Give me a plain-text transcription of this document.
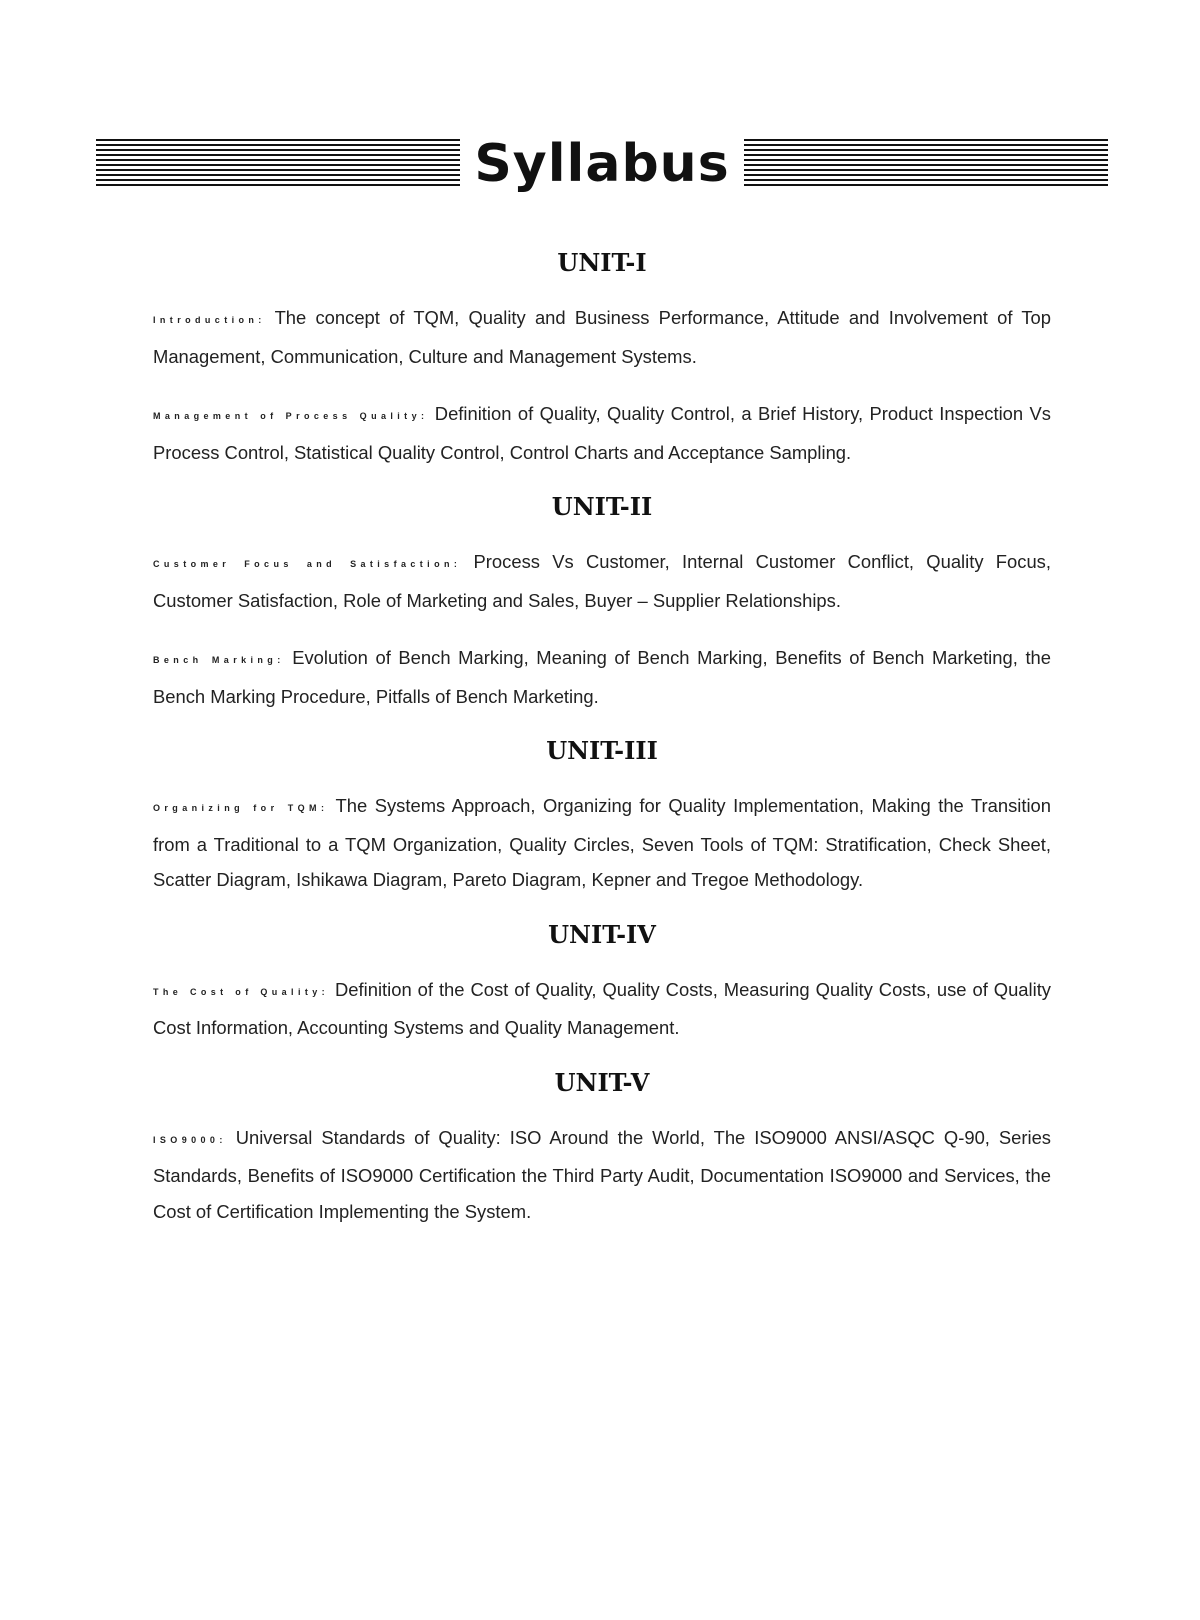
Syllabus
UNIT-I

Introduction: The concept of TQM, Quality and Business Performance, Attitude and Involvement of Top Management, Communication, Culture and Management Systems.

Management of Process Quality: Definition of Quality, Quality Control, a Brief History, Product Inspection Vs Process Control, Statistical Quality Control, Control Charts and Acceptance Sampling.

UNIT-II

Customer Focus and Satisfaction: Process Vs Customer, Internal Customer Conflict, Quality Focus, Customer Satisfaction, Role of Marketing and Sales, Buyer – Supplier Relationships.

Bench Marking: Evolution of Bench Marking, Meaning of Bench Marking, Benefits of Bench Marketing, the Bench Marking Procedure, Pitfalls of Bench Marketing.

UNIT-III

Organizing for TQM: The Systems Approach, Organizing for Quality Implementation, Making the Transition from a Traditional to a TQM Organization, Quality Circles, Seven Tools of TQM: Stratification, Check Sheet, Scatter Diagram, Ishikawa Diagram, Pareto Diagram, Kepner and Tregoe Methodology.

UNIT-IV

The Cost of Quality: Definition of the Cost of Quality, Quality Costs, Measuring Quality Costs, use of Quality Cost Information, Accounting Systems and Quality Management.

UNIT-V

ISO9000: Universal Standards of Quality: ISO Around the World, The ISO9000 ANSI/ASQC Q-90, Series Standards, Benefits of ISO9000 Certification the Third Party Audit, Documentation ISO9000 and Services, the Cost of Certification Implementing the System.
